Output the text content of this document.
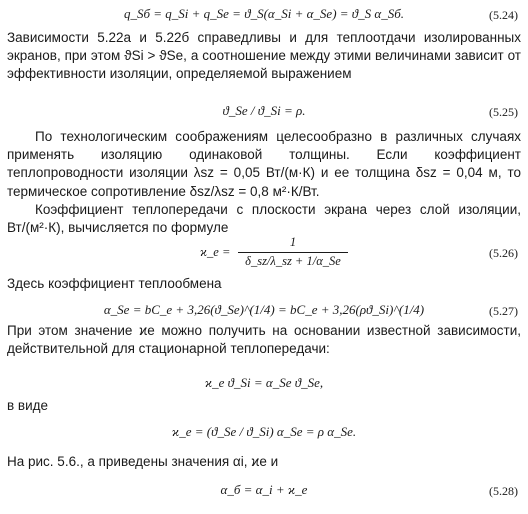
q_Sб = q_Si + q_Se = ϑ_S(α_Si + α_Se) = ϑ_S α_Sб.	(5.24)
Зависимости 5.22а и 5.22б справедливы и для теплоотдачи изолированных экранов, при этом ϑSi > ϑSe, а соотношение между этими величинами зависит от эффективности изоляции, определяемой выражением
ϑ_Se / ϑ_Si = ρ.	(5.25)
По технологическим соображениям целесообразно в различных случаях применять изоляцию одинаковой толщины. Если коэффициент теплопроводности изоляции λsz = 0,05 Вт/(м·К) и ее толщина δsz = 0,04 м, то термическое сопротивление δsz/λsz = 0,8 м²·К/Вт.
Коэффициент теплопередачи с плоскости экрана через слой изоляции, Вт/(м²·К), вычисляется по формуле
ϰ_e =
1
δ_sz/λ_sz + 1/α_Se
(5.26)
Здесь коэффициент теплообмена
α_Se = bC_e + 3,26(ϑ_Se)^(1/4) = bC_e + 3,26(ρϑ_Si)^(1/4)	(5.27)
При этом значение ϰe можно получить на основании известной зависимости, действительной для стационарной теплопередачи:
ϰ_e ϑ_Si = α_Se ϑ_Se,
в виде
ϰ_e = (ϑ_Se / ϑ_Si) α_Se = ρ α_Se.
На рис. 5.6., а приведены значения αi, ϰe и
α_б = α_i + ϰ_e	(5.28)
